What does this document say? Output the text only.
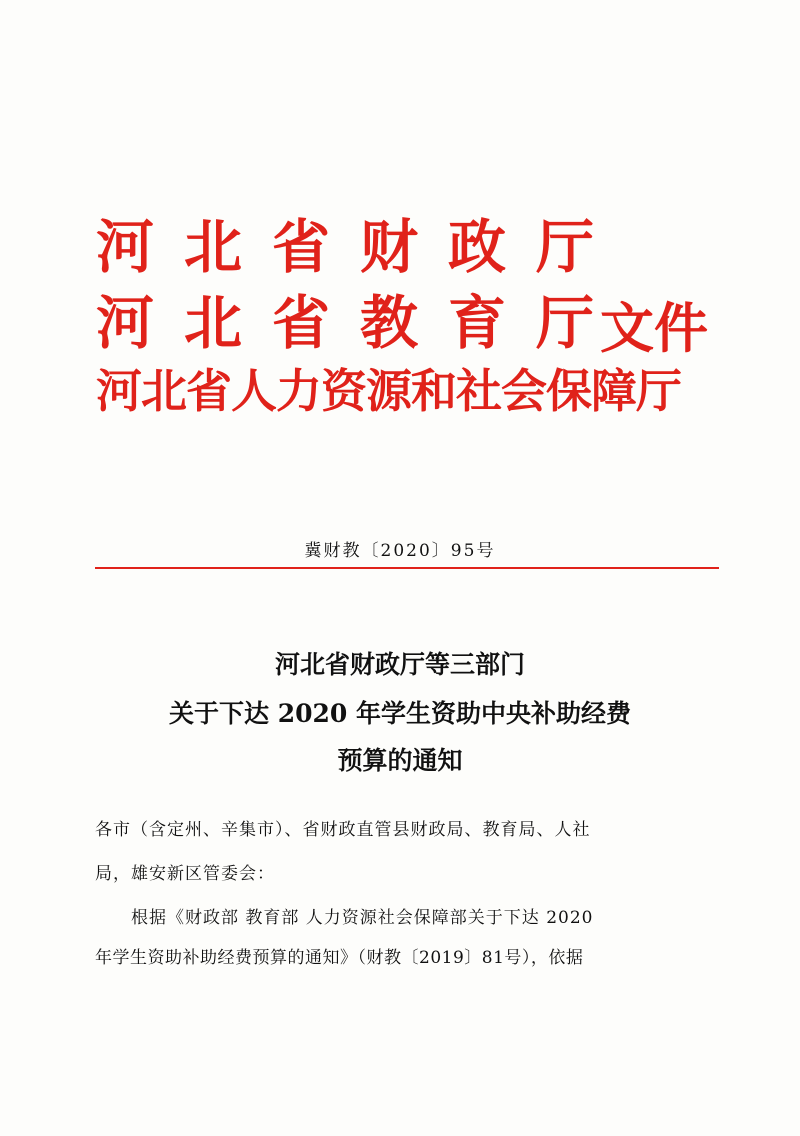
河北省财政厅
河北省教育厅
河北省人力资源和社会保障厅
文件
冀财教〔2020〕95号
河北省财政厅等三部门
关于下达 2020 年学生资助中央补助经费
预算的通知
各市（含定州、辛集市）、省财政直管县财政局、教育局、人社
局，雄安新区管委会：
根据《财政部 教育部 人力资源社会保障部关于下达 2020
年学生资助补助经费预算的通知》（财教〔2019〕81号），依据
